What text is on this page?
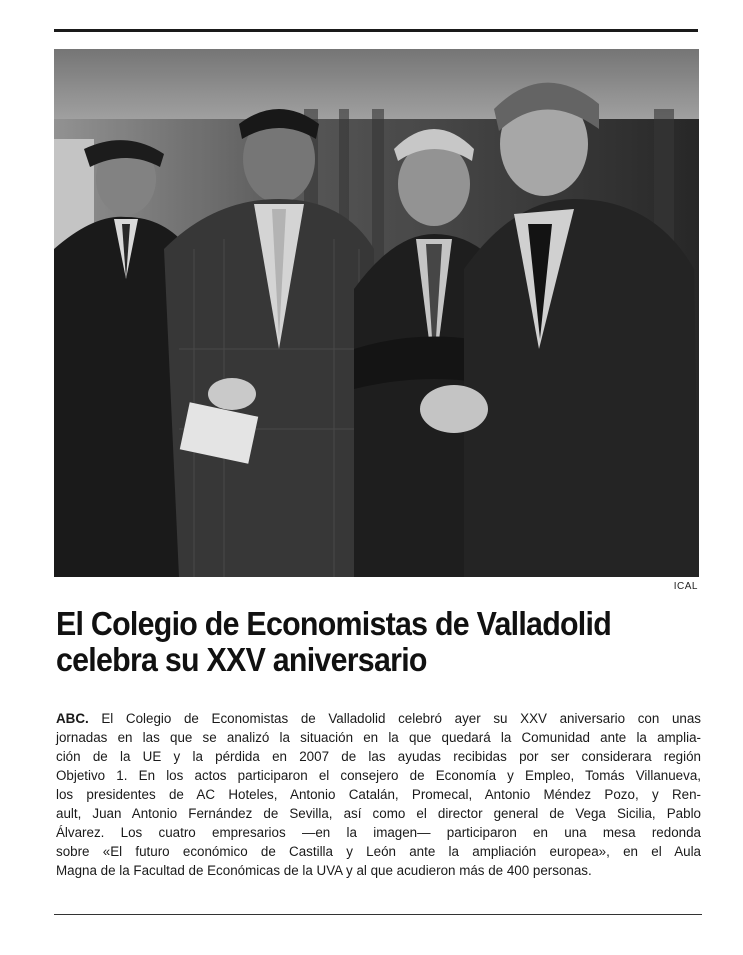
ICAL
El Colegio de Economistas de Valladolid
celebra su XXV aniversario

ABC. El Colegio de Economistas de Valladolid celebró ayer su XXV aniversario con unas
jornadas en las que se analizó la situación en la que quedará la Comunidad ante la amplia-
ción de la UE y la pérdida en 2007 de las ayudas recibidas por ser considerara región
Objetivo 1. En los actos participaron el consejero de Economía y Empleo, Tomás Villanueva,
los presidentes de AC Hoteles, Antonio Catalán, Promecal, Antonio Méndez Pozo, y Ren-
ault, Juan Antonio Fernández de Sevilla, así como el director general de Vega Sicilia, Pablo
Álvarez. Los cuatro empresarios —en la imagen— participaron en una mesa redonda
sobre «El futuro económico de Castilla y León ante la ampliación europea», en el Aula
Magna de la Facultad de Económicas de la UVA y al que acudieron más de 400 personas.
